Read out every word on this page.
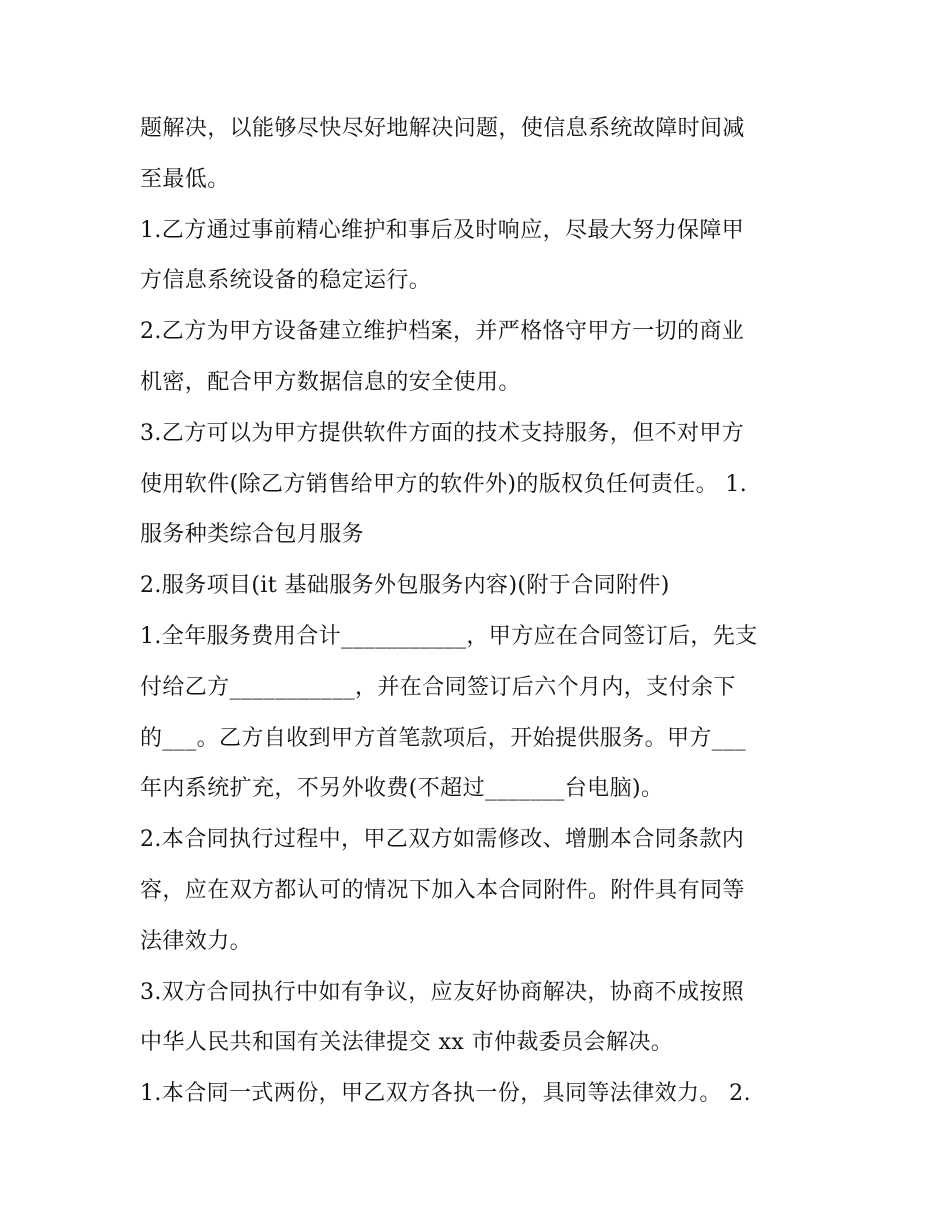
题解决，以能够尽快尽好地解决问题，使信息系统故障时间减
至最低。
1.乙方通过事前精心维护和事后及时响应，尽最大努力保障甲
方信息系统设备的稳定运行。
2.乙方为甲方设备建立维护档案，并严格恪守甲方一切的商业
机密，配合甲方数据信息的安全使用。
3.乙方可以为甲方提供软件方面的技术支持服务，但不对甲方
使用软件(除乙方销售给甲方的软件外)的版权负任何责任。 1.
服务种类综合包月服务
2.服务项目(it 基础服务外包服务内容)(附于合同附件)
1.全年服务费用合计___________，甲方应在合同签订后，先支
付给乙方___________，并在合同签订后六个月内，支付余下
的___。乙方自收到甲方首笔款项后，开始提供服务。甲方___
年内系统扩充，不另外收费(不超过_______台电脑)。
2.本合同执行过程中，甲乙双方如需修改、增删本合同条款内
容，应在双方都认可的情况下加入本合同附件。附件具有同等
法律效力。
3.双方合同执行中如有争议，应友好协商解决，协商不成按照
中华人民共和国有关法律提交 xx 市仲裁委员会解决。
1.本合同一式两份，甲乙双方各执一份，具同等法律效力。 2.
